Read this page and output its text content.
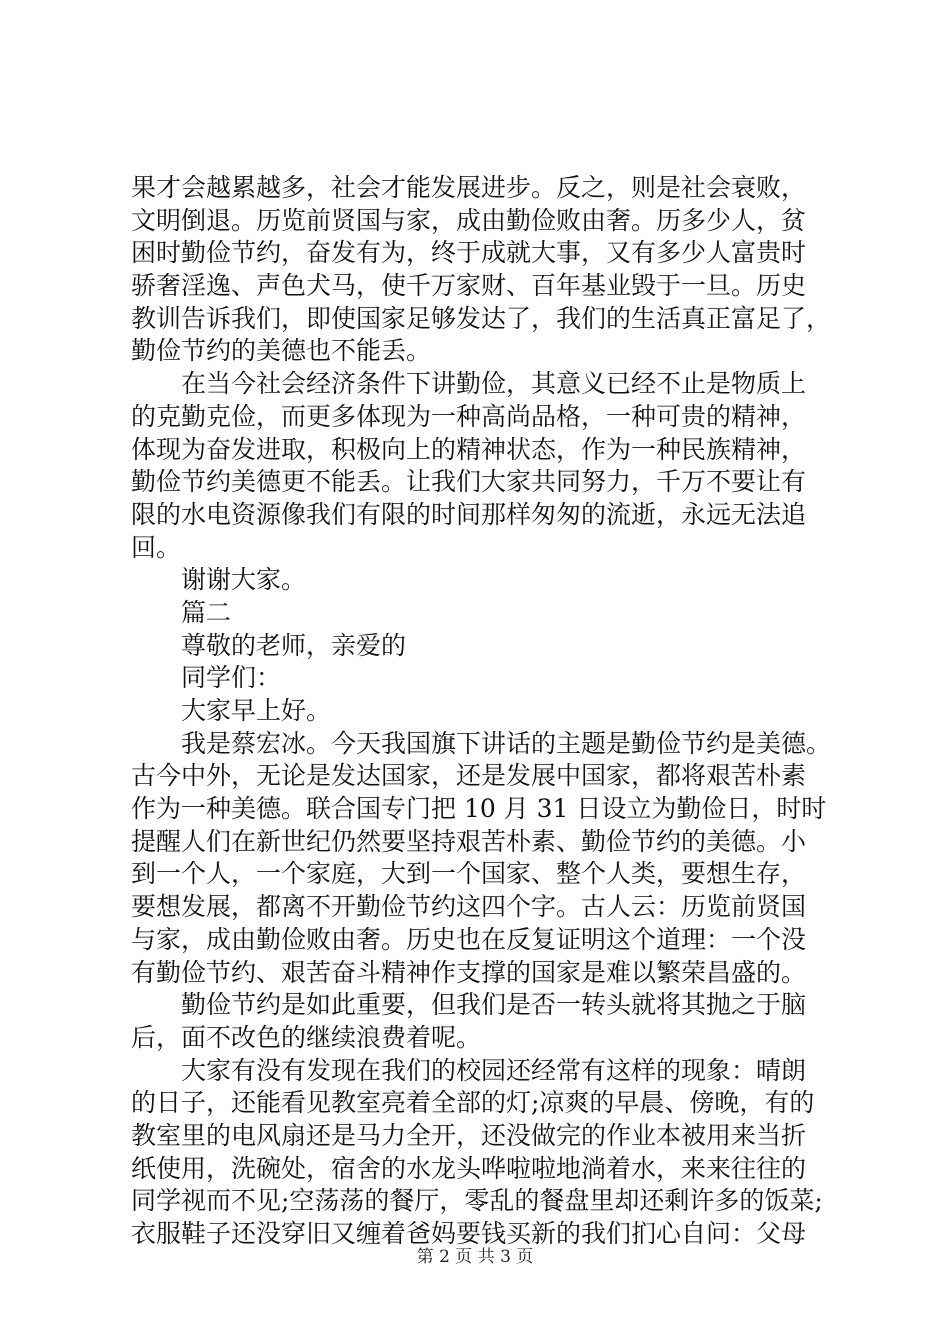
果才会越累越多，社会才能发展进步。反之，则是社会衰败，
文明倒退。历览前贤国与家，成由勤俭败由奢。历多少人，贫
困时勤俭节约，奋发有为，终于成就大事，又有多少人富贵时
骄奢淫逸、声色犬马，使千万家财、百年基业毁于一旦。历史
教训告诉我们，即使国家足够发达了，我们的生活真正富足了，
勤俭节约的美德也不能丢。
在当今社会经济条件下讲勤俭，其意义已经不止是物质上
的克勤克俭，而更多体现为一种高尚品格，一种可贵的精神，
体现为奋发进取，积极向上的精神状态，作为一种民族精神，
勤俭节约美德更不能丢。让我们大家共同努力，千万不要让有
限的水电资源像我们有限的时间那样匆匆的流逝，永远无法追
回。
谢谢大家。
篇二
尊敬的老师，亲爱的
同学们：
大家早上好。
我是蔡宏冰。今天我国旗下讲话的主题是勤俭节约是美德。
古今中外，无论是发达国家，还是发展中国家，都将艰苦朴素
作为一种美德。联合国专门把 10 月 31 日设立为勤俭日，时时
提醒人们在新世纪仍然要坚持艰苦朴素、勤俭节约的美德。小
到一个人，一个家庭，大到一个国家、整个人类，要想生存，
要想发展，都离不开勤俭节约这四个字。古人云：历览前贤国
与家，成由勤俭败由奢。历史也在反复证明这个道理：一个没
有勤俭节约、艰苦奋斗精神作支撑的国家是难以繁荣昌盛的。
勤俭节约是如此重要，但我们是否一转头就将其抛之于脑
后，面不改色的继续浪费着呢。
大家有没有发现在我们的校园还经常有这样的现象：晴朗
的日子，还能看见教室亮着全部的灯;凉爽的早晨、傍晚，有的
教室里的电风扇还是马力全开，还没做完的作业本被用来当折
纸使用，洗碗处，宿舍的水龙头哗啦啦地淌着水，来来往往的
同学视而不见;空荡荡的餐厅，零乱的餐盘里却还剩许多的饭菜;
衣服鞋子还没穿旧又缠着爸妈要钱买新的我们扪心自问：父母
第 2 页 共 3 页
